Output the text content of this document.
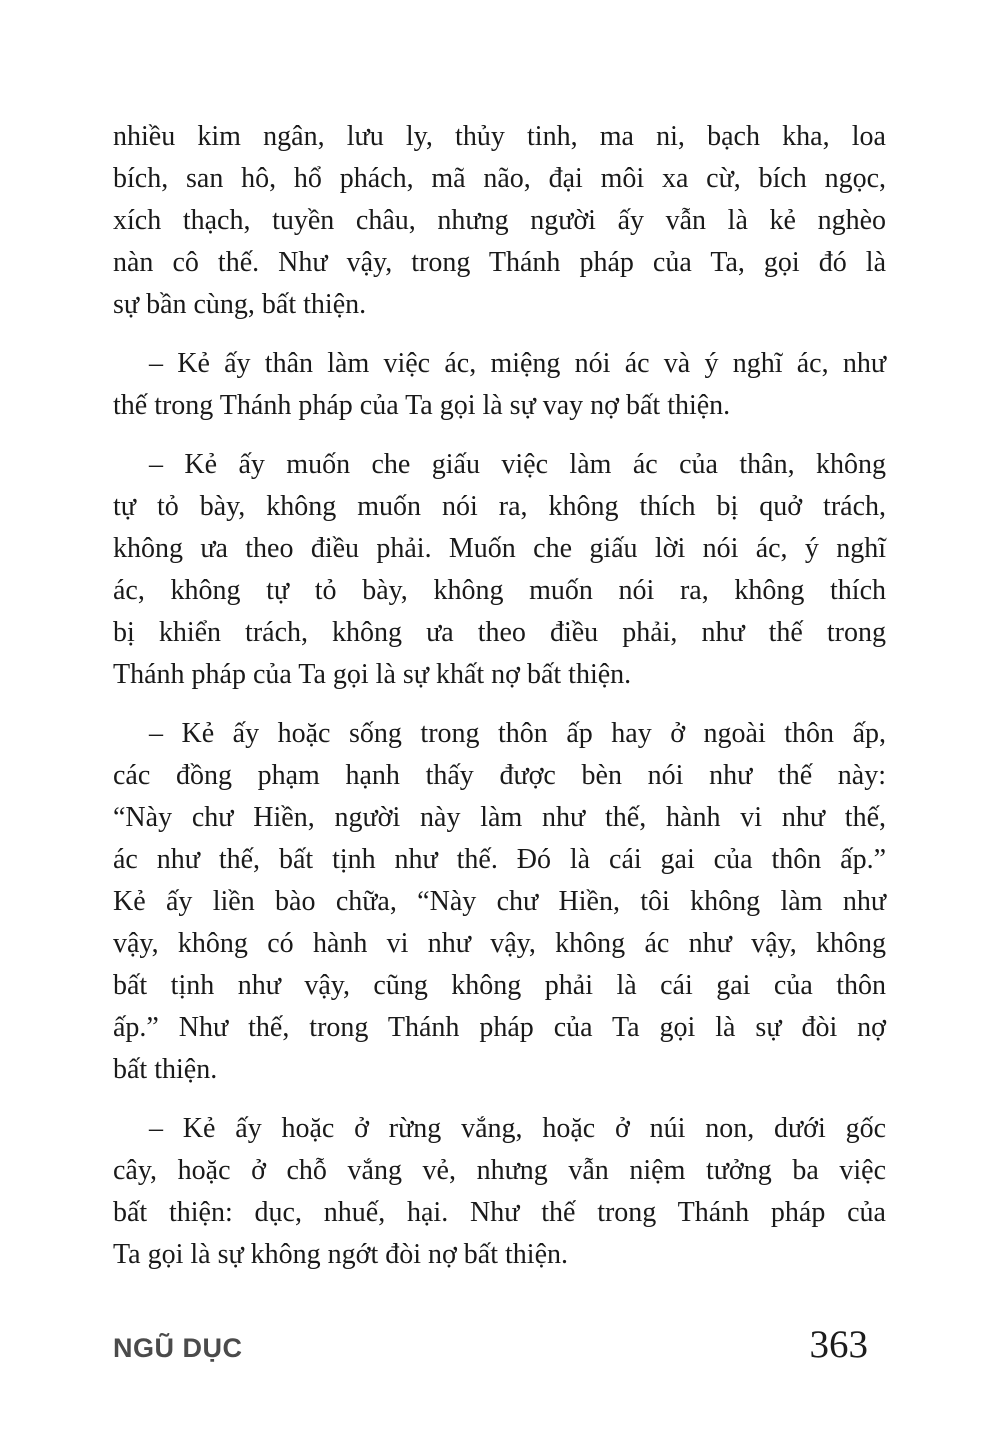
nhiều kim ngân, lưu ly, thủy tinh, ma ni, bạch kha, loa
bích, san hô, hổ phách, mã não, đại môi xa cừ, bích ngọc,
xích thạch, tuyền châu, nhưng người ấy vẫn là kẻ nghèo
nàn cô thế. Như vậy, trong Thánh pháp của Ta, gọi đó là
sự bần cùng, bất thiện.
– Kẻ ấy thân làm việc ác, miệng nói ác và ý nghĩ ác, như
thế trong Thánh pháp của Ta gọi là sự vay nợ bất thiện.
– Kẻ ấy muốn che giấu việc làm ác của thân, không
tự tỏ bày, không muốn nói ra, không thích bị quở trách,
không ưa theo điều phải. Muốn che giấu lời nói ác, ý nghĩ
ác, không tự tỏ bày, không muốn nói ra, không thích
bị khiển trách, không ưa theo điều phải, như thế trong
Thánh pháp của Ta gọi là sự khất nợ bất thiện.
– Kẻ ấy hoặc sống trong thôn ấp hay ở ngoài thôn ấp,
các đồng phạm hạnh thấy được bèn nói như thế này:
“Này chư Hiền, người này làm như thế, hành vi như thế,
ác như thế, bất tịnh như thế. Đó là cái gai của thôn ấp.”
Kẻ ấy liền bào chữa, “Này chư Hiền, tôi không làm như
vậy, không có hành vi như vậy, không ác như vậy, không
bất tịnh như vậy, cũng không phải là cái gai của thôn
ấp.” Như thế, trong Thánh pháp của Ta gọi là sự đòi nợ
bất thiện.
– Kẻ ấy hoặc ở rừng vắng, hoặc ở núi non, dưới gốc
cây, hoặc ở chỗ vắng vẻ, nhưng vẫn niệm tưởng ba việc
bất thiện: dục, nhuế, hại. Như thế trong Thánh pháp của
Ta gọi là sự không ngớt đòi nợ bất thiện.
NGŨ DỤC	363
